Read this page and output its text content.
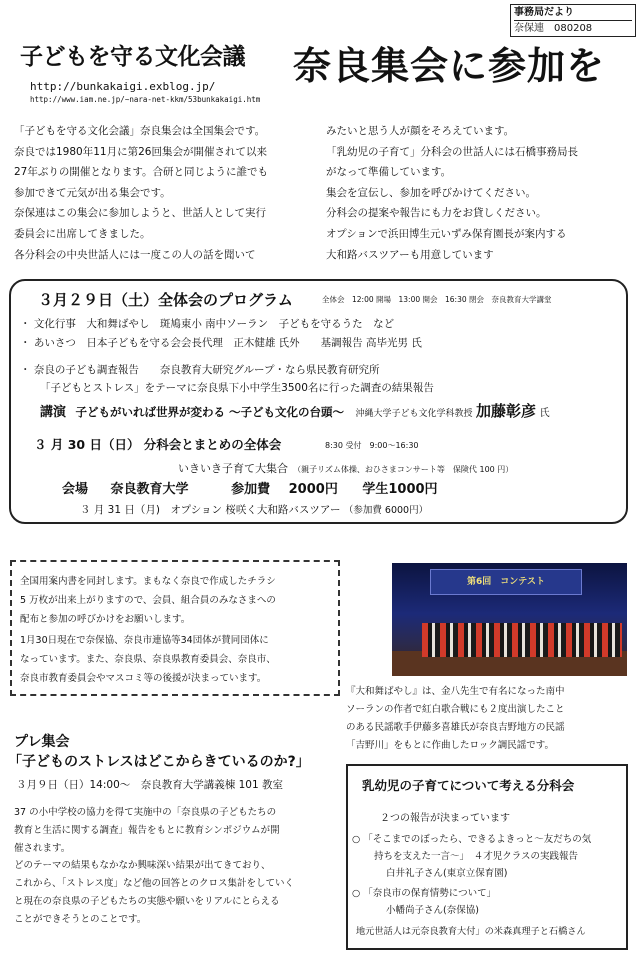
事務局だより
奈保連　080208
子どもを守る文化会議 奈良集会に参加を
http://bunkakaigi.exblog.jp/
http://www.iam.ne.jp/~nara-net-kkm/53bunkakaigi.htm
「子どもを守る文化会議」奈良集会は全国集会です。
奈良では1980年11月に第26回集会が開催されて以来
27年ぶりの開催となります。合研と同じように誰でも
参加できて元気が出る集会です。
奈保連はこの集会に参加しようと、世話人として実行
委員会に出席してきました。
各分科会の中央世話人には一度この人の話を聞いて
みたいと思う人が顔をそろえています。
「乳幼児の子育て」分科会の世話人には石橋事務局長
がなって準備しています。
集会を宣伝し、参加を呼びかけてください。
分科会の提案や報告にも力をお貸しください。
オプションで浜田博生元いずみ保育園長が案内する
大和路バスツアーも用意しています
３月２９日（土）全体会のプログラム	全体会　12:00 開場　13:00 開会　16:30 閉会　奈良教育大学講堂
・ 文化行事　大和舞ばやし　斑鳩東小 南中ソーラン　子どもを守るうた　など
・ あいさつ　日本子どもを守る会会長代理　正木健雄 氏外　　基調報告 高毕光男 氏
・ 奈良の子ども調査報告　　奈良教育大研究グループ・なら県民教育研究所
「子どもとストレス」をテーマに奈良県下小中学生3500名に行った調査の結果報告
講演 子どもがいれば世界が変わる ～子ども文化の台頭～ 沖縄大学子ども文化学科教授 加藤彰彦 氏
３ 月 30 日（日） 分科会とまとめの全体会	8:30 受付　9:00～16:30
いきいき子育て大集合 （親子リズム体操、おひさまコンサート等　保険代 100 円）
会場 奈良教育大学	参加費 2000円 学生1000円
３ 月 31 日（月)　オプション 桜咲く大和路バスツアー （参加費 6000円）
全国用案内書を同封します。まもなく奈良で作成したチラシ
5 万枚が出来上がりますので、会員、組合員のみなさまへの
配布と参加の呼びかけをお願いします。
1月30日現在で奈保協、奈良市連協等34団体が賛同団体に
なっています。また、奈良県、奈良県教育委員会、奈良市、
奈良市教育委員会やマスコミ等の後援が決まっています。
第6回　コンテスト
『大和舞ばやし』は、金八先生で有名になった南中
ソーランの作者で紅白歌合戦にも２度出演したこと
のある民謡歌手伊藤多喜雄氏が奈良吉野地方の民謡
「吉野川」をもとに作曲したロック調民謡です。
プレ集会
「子どものストレスはどこからきているのか?」
３月９日（日）14:00～　奈良教育大学講義棟 101 教室
37 の小中学校の協力を得て実施中の「奈良県の子どもたちの
教育と生活に関する調査」報告をもとに教育シンポジウムが開
催されます。
どのテーマの結果もなかなか興味深い結果が出てきており、
これから、「ストレス度」など他の回答とのクロス集計をしていく
と現在の奈良県の子どもたちの実態や願いをリアルにとらえる
ことができそうとのことです。
乳幼児の子育てについて考える分科会
２つの報告が決まっています
○ 「そこまでのぼったら、できるよきっと～友だちの気
持ちを支えた一言～」　４才児クラスの実践報告
白井礼子さん(東京立保育園)
○ 「奈良市の保育情勢について」
小幡尚子さん(奈保協)
地元世話人は元奈良教育大付」の米森真理子と石橋さん
